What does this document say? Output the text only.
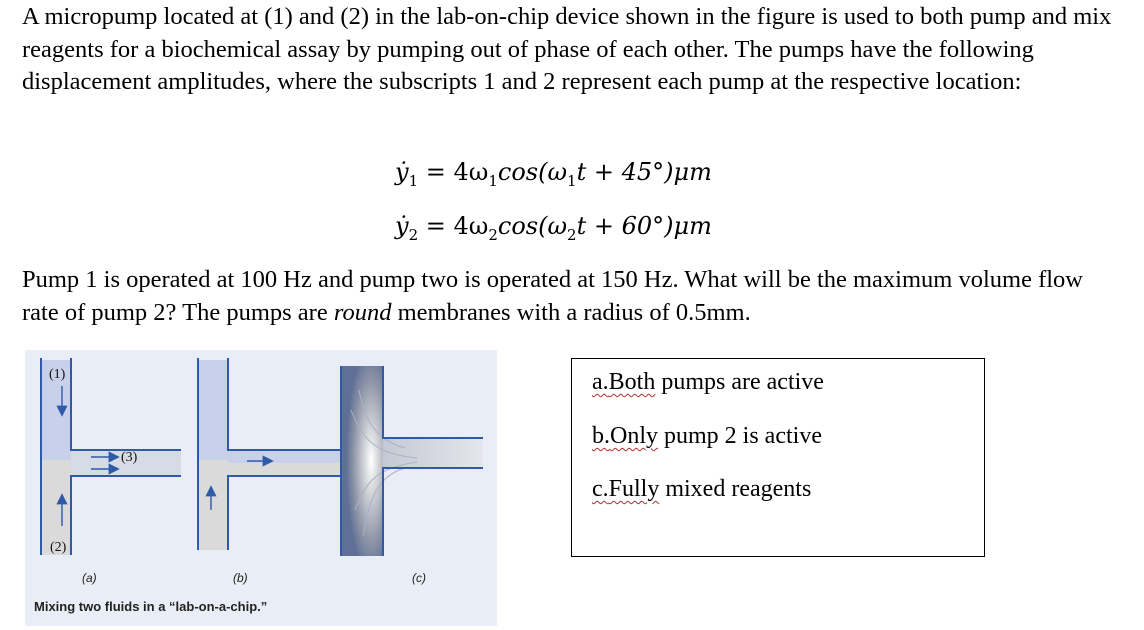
A micropump located at (1) and (2) in the lab-on-chip device shown in the figure is used to both pump and mix reagents for a biochemical assay by pumping out of phase of each other. The pumps have the following displacement amplitudes, where the subscripts 1 and 2 represent each pump at the respective location:

ẏ$_1$ = $4\omega_1\cos(\omega_1t + 45^\circ)\mu m$
ẏ$_2$ = $4\omega_2\cos(\omega_2t + 60^\circ)\mu m$

Pump 1 is operated at 100 Hz and pump two is operated at 150 Hz. What will be the maximum volume flow rate of pump 2? The pumps are round membranes with a radius of 0.5mm.

(1)
(2)
(3)
(a)	(b)	(c)
Mixing two fluids in a “lab-on-a-chip.”
a.Both pumps are active
b.Only pump 2 is active
c.Fully mixed reagents
